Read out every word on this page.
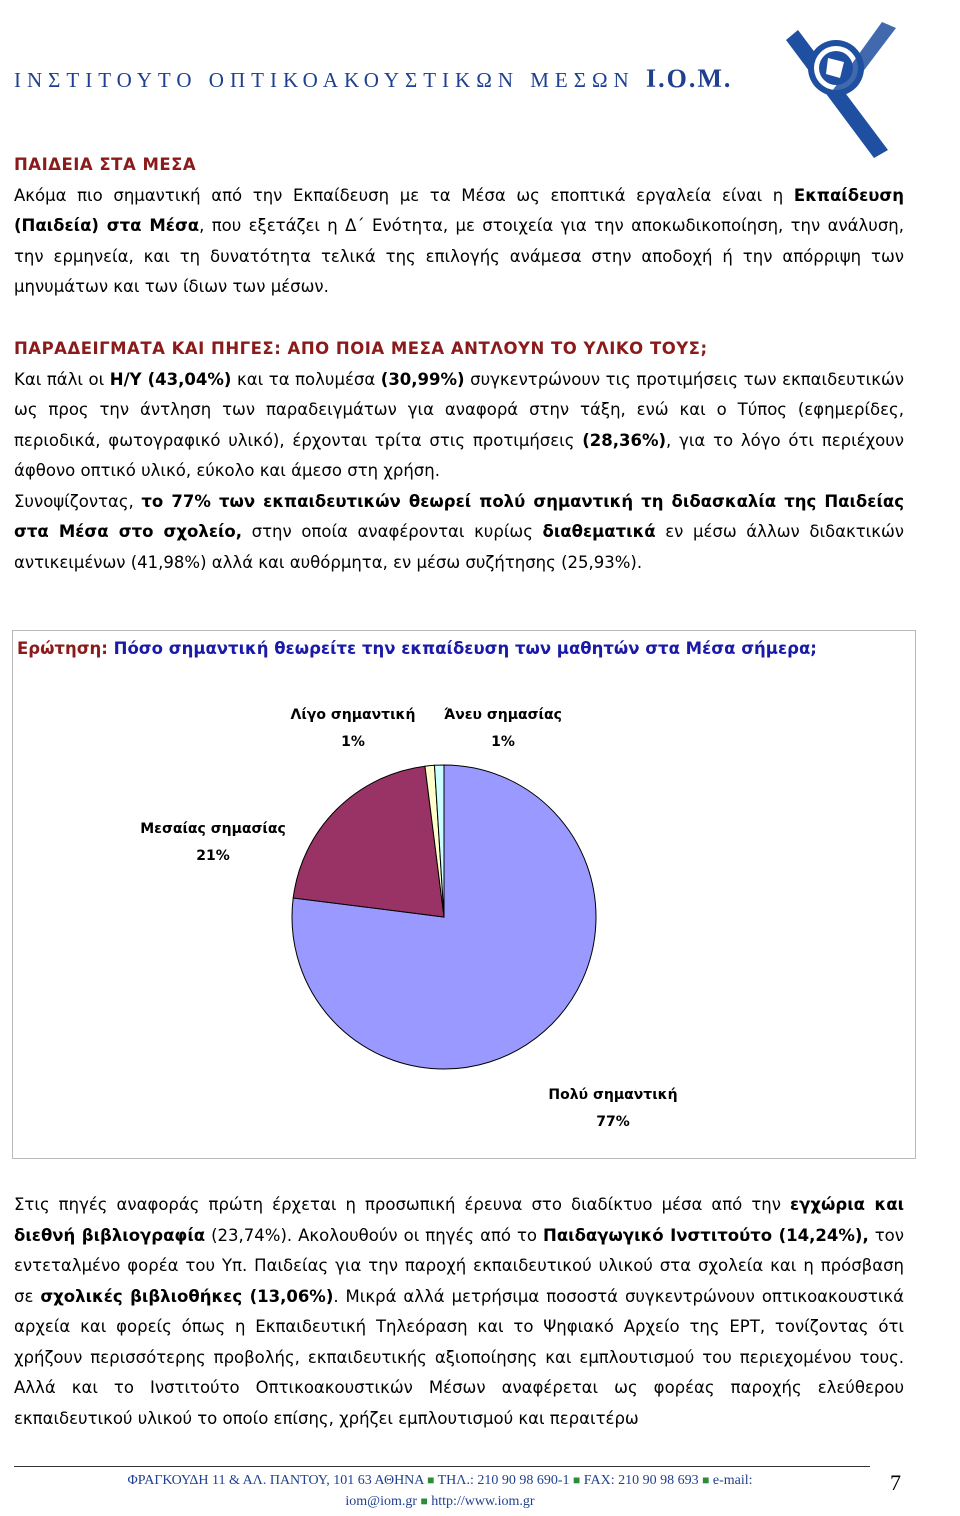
ΙΝΣΤΙΤΟΥΤΟ ΟΠΤΙΚΟΑΚΟΥΣΤΙΚΩΝ ΜΕΣΩΝ Ι.Ο.Μ.
ΠΑΙΔΕΙΑ ΣΤΑ ΜΕΣΑ
Ακόμα πιο σημαντική από την Εκπαίδευση με τα Μέσα ως εποπτικά εργαλεία είναι η Εκπαίδευση (Παιδεία) στα Μέσα, που εξετάζει η Δ΄ Ενότητα, με στοιχεία για την αποκωδικοποίηση, την ανάλυση, την ερμηνεία, και τη δυνατότητα τελικά της επιλογής ανάμεσα στην αποδοχή ή την απόρριψη των μηνυμάτων και των ίδιων των μέσων.
ΠΑΡΑΔΕΙΓΜΑΤΑ ΚΑΙ ΠΗΓΕΣ: ΑΠΟ ΠΟΙΑ ΜΕΣΑ ΑΝΤΛΟΥΝ ΤΟ ΥΛΙΚΟ ΤΟΥΣ;
Και πάλι οι Η/Υ (43,04%) και τα πολυμέσα (30,99%) συγκεντρώνουν τις προτιμήσεις των εκπαιδευτικών ως προς την άντληση των παραδειγμάτων για αναφορά στην τάξη, ενώ και ο Τύπος (εφημερίδες, περιοδικά, φωτογραφικό υλικό), έρχονται τρίτα στις προτιμήσεις (28,36%), για το λόγο ότι περιέχουν άφθονο οπτικό υλικό, εύκολο και άμεσο στη χρήση.
Συνοψίζοντας, το 77% των εκπαιδευτικών θεωρεί πολύ σημαντική τη διδασκαλία της Παιδείας στα Μέσα στο σχολείο, στην οποία αναφέρονται κυρίως διαθεματικά εν μέσω άλλων διδακτικών αντικειμένων (41,98%) αλλά και αυθόρμητα, εν μέσω συζήτησης (25,93%).
Ερώτηση: Πόσο σημαντική θεωρείτε την εκπαίδευση των μαθητών στα Μέσα σήμερα;
Πολύ σημαντική
77%
Μεσαίας σημασίας
21%
Λίγο σημαντική
1%
Άνευ σημασίας
1%
Στις πηγές αναφοράς πρώτη έρχεται η προσωπική έρευνα στο διαδίκτυο μέσα από την εγχώρια και διεθνή βιβλιογραφία (23,74%). Ακολουθούν οι πηγές από το Παιδαγωγικό Ινστιτούτο (14,24%), τον εντεταλμένο φορέα του Υπ. Παιδείας για την παροχή εκπαιδευτικού υλικού στα σχολεία και η πρόσβαση σε σχολικές βιβλιοθήκες (13,06%). Μικρά αλλά μετρήσιμα ποσοστά συγκεντρώνουν οπτικοακουστικά αρχεία και φορείς όπως η Εκπαιδευτική Τηλεόραση και το Ψηφιακό Αρχείο της ΕΡΤ, τονίζοντας ότι χρήζουν περισσότερης προβολής, εκπαιδευτικής αξιοποίησης και εμπλουτισμού του περιεχομένου τους. Αλλά και το Ινστιτούτο Οπτικοακουστικών Μέσων αναφέρεται ως φορέας παροχής ελεύθερου εκπαιδευτικού υλικού το οποίο επίσης, χρήζει εμπλουτισμού και περαιτέρω
ΦΡΑΓΚΟΥΔΗ 11 & ΑΛ. ΠΑΝΤΟΥ, 101 63 ΑΘΗΝΑ ■ ΤΗΛ.: 210 90 98 690-1 ■ FAX: 210 90 98 693 ■ e-mail:
iom@iom.gr ■ http://www.iom.gr
7
